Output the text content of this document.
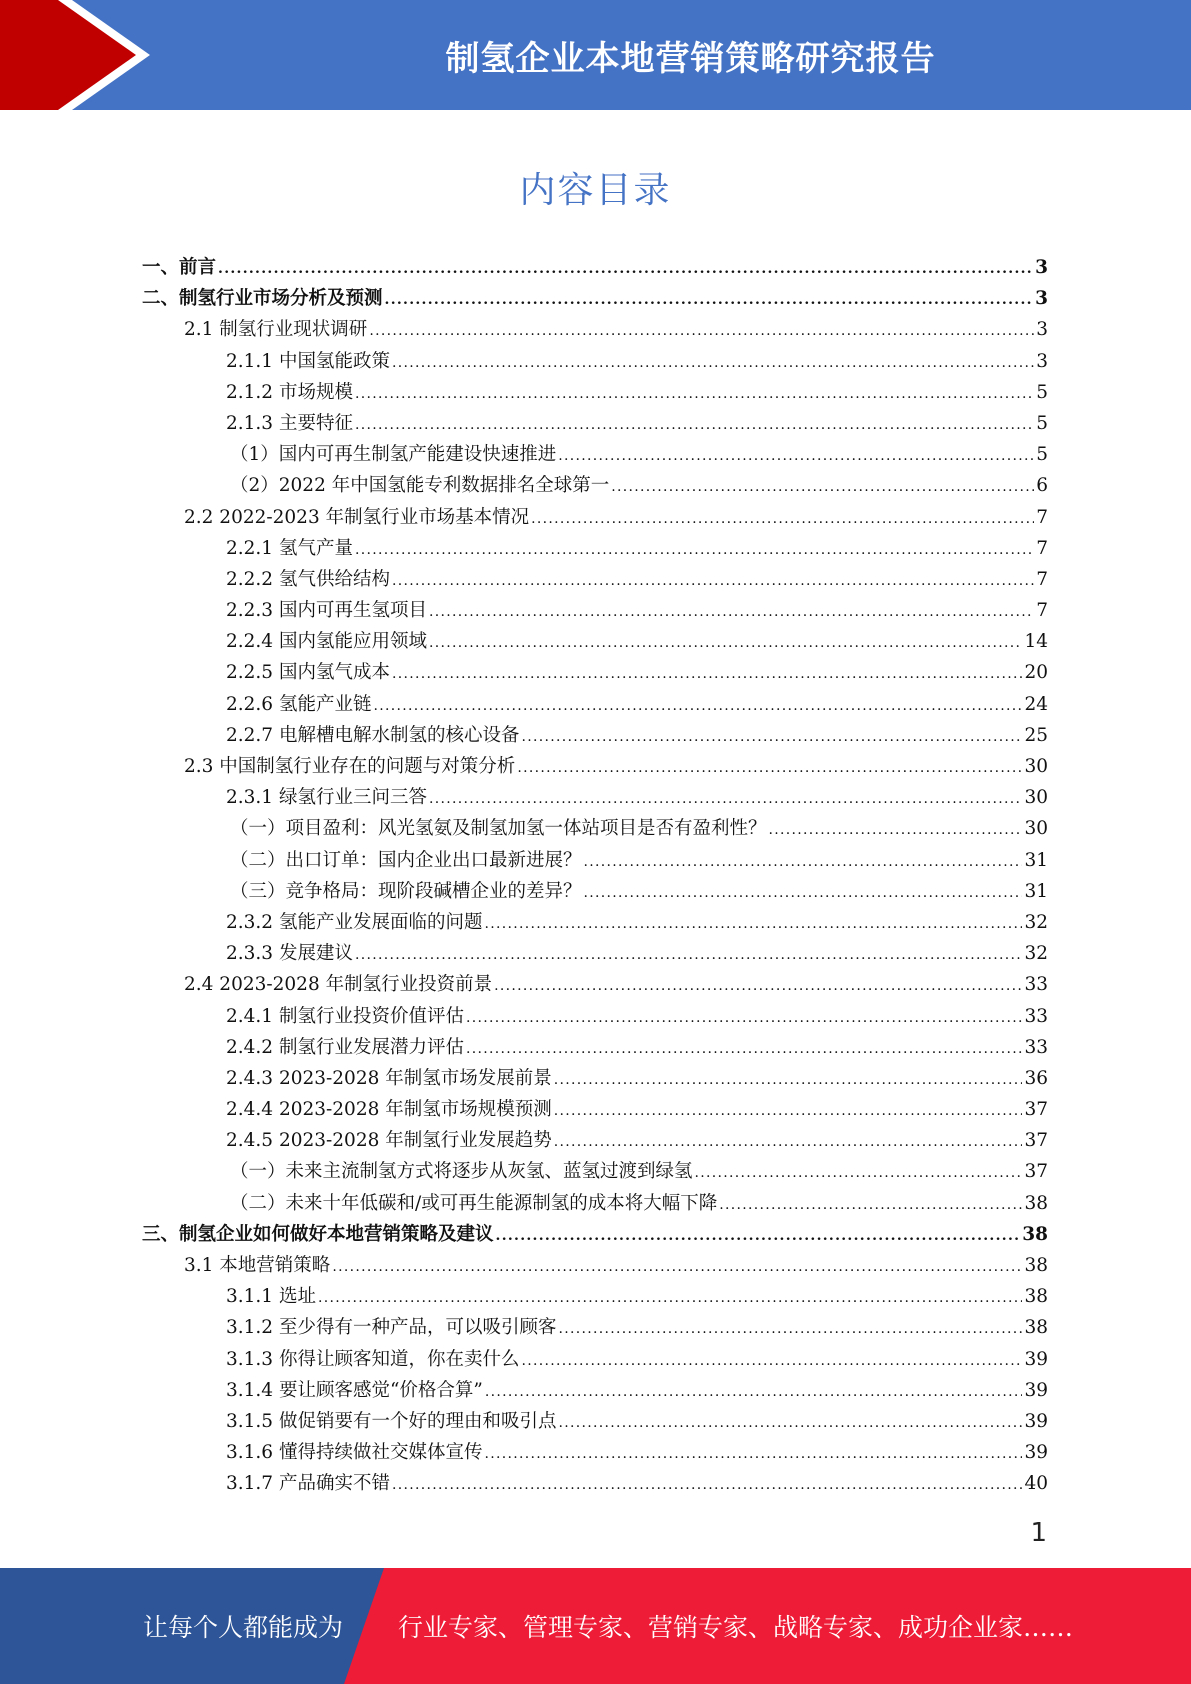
制氢企业本地营销策略研究报告
内容目录
一、前言 .....	3
二、制氢行业市场分析及预测 .....	3
2.1 制氢行业现状调研 .....	3
2.1.1 中国氢能政策 .....	3
2.1.2 市场规模 .....	5
2.1.3 主要特征 .....	5
（1）国内可再生制氢产能建设快速推进 .....	5
（2）2022 年中国氢能专利数据排名全球第一 .....	6
2.2 2022-2023 年制氢行业市场基本情况 .....	7
2.2.1 氢气产量 .....	7
2.2.2 氢气供给结构 .....	7
2.2.3 国内可再生氢项目 .....	7
2.2.4 国内氢能应用领域 .....	14
2.2.5 国内氢气成本 .....	20
2.2.6 氢能产业链 .....	24
2.2.7 电解槽电解水制氢的核心设备 .....	25
2.3 中国制氢行业存在的问题与对策分析 .....	30
2.3.1 绿氢行业三问三答 .....	30
（一）项目盈利：风光氢氨及制氢加氢一体站项目是否有盈利性？ .....	30
（二）出口订单：国内企业出口最新进展？ .....	31
（三）竞争格局：现阶段碱槽企业的差异？ .....	31
2.3.2 氢能产业发展面临的问题 .....	32
2.3.3 发展建议 .....	32
2.4 2023-2028 年制氢行业投资前景 .....	33
2.4.1 制氢行业投资价值评估 .....	33
2.4.2 制氢行业发展潜力评估 .....	33
2.4.3 2023-2028 年制氢市场发展前景 .....	36
2.4.4 2023-2028 年制氢市场规模预测 .....	37
2.4.5 2023-2028 年制氢行业发展趋势 .....	37
（一）未来主流制氢方式将逐步从灰氢、蓝氢过渡到绿氢 .....	37
（二）未来十年低碳和/或可再生能源制氢的成本将大幅下降 .....	38
三、制氢企业如何做好本地营销策略及建议 .....	38
3.1 本地营销策略 .....	38
3.1.1 选址 .....	38
3.1.2 至少得有一种产品，可以吸引顾客 .....	38
3.1.3 你得让顾客知道，你在卖什么 .....	39
3.1.4 要让顾客感觉“价格合算” .....	39
3.1.5 做促销要有一个好的理由和吸引点 .....	39
3.1.6 懂得持续做社交媒体宣传 .....	39
3.1.7 产品确实不错 .....	40
1
让每个人都能成为 行业专家、管理专家、营销专家、战略专家、成功企业家……
